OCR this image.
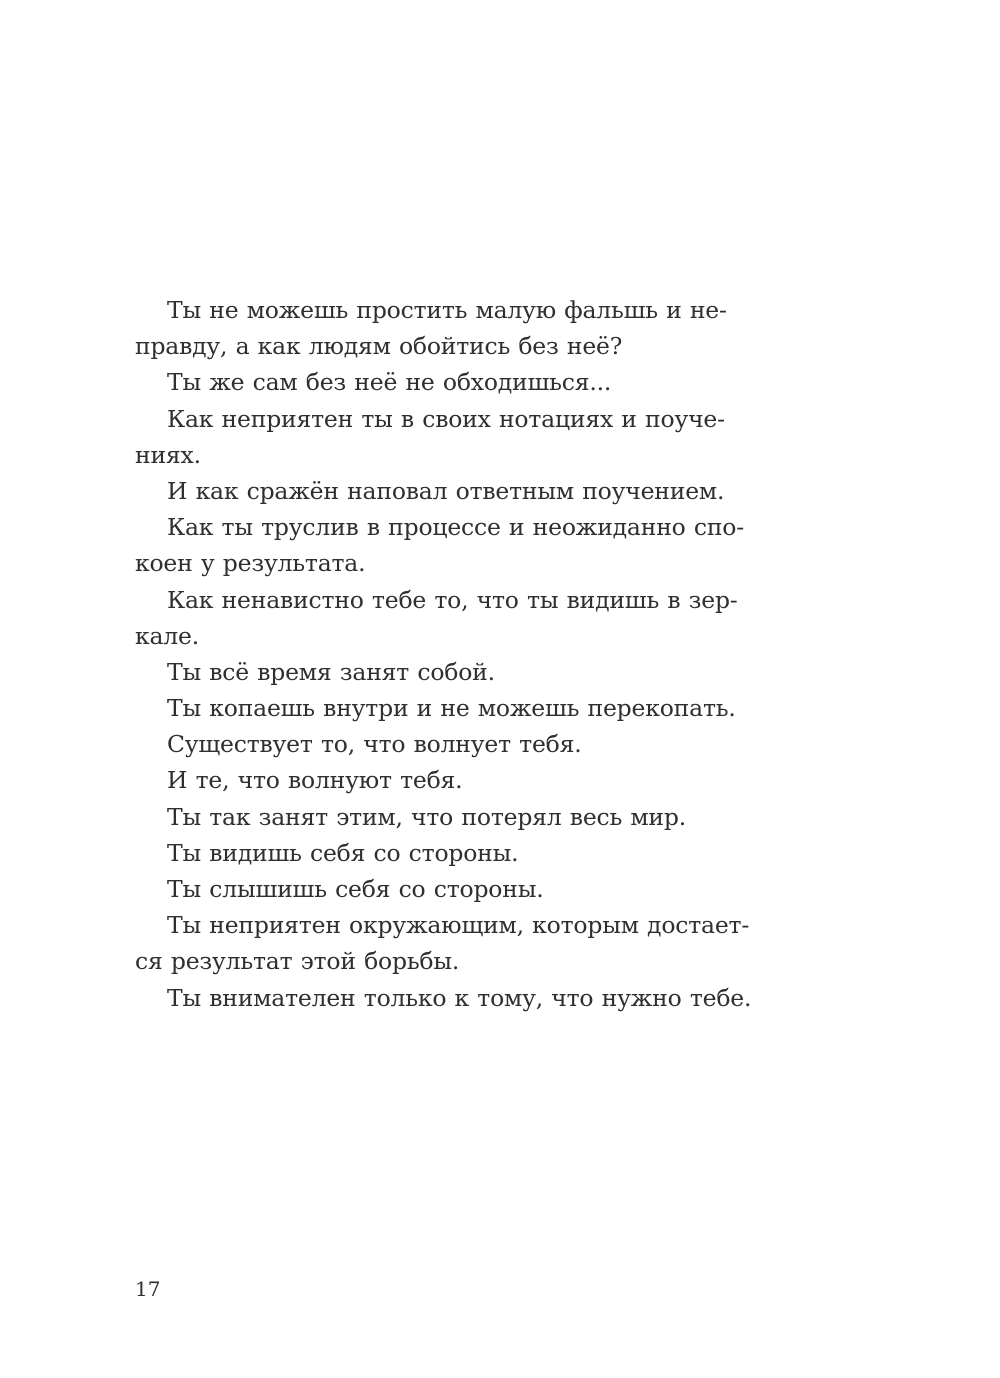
Ты не можешь простить малую фальшь и не-
правду, а как людям обойтись без неё?
Ты же сам без неё не обходишься...
Как неприятен ты в своих нотациях и поуче-
ниях.
И как сражён наповал ответным поучением.
Как ты труслив в процессе и неожиданно спо-
коен у результата.
Как ненавистно тебе то, что ты видишь в зер-
кале.
Ты всё время занят собой.
Ты копаешь внутри и не можешь перекопать.
Существует то, что волнует тебя.
И те, что волнуют тебя.
Ты так занят этим, что потерял весь мир.
Ты видишь себя со стороны.
Ты слышишь себя со стороны.
Ты неприятен окружающим, которым достает-
ся результат этой борьбы.
Ты внимателен только к тому, что нужно тебе.
17
